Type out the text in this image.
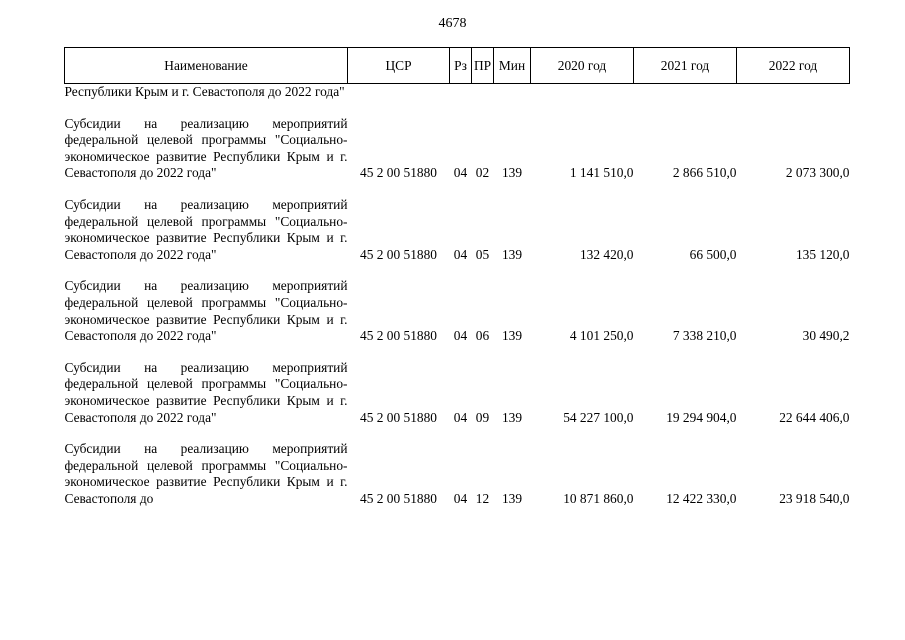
4678
Наименование	ЦСР	Рз	ПР	Мин	2020 год	2021 год	2022 год
Республики Крым и г. Севастополя до 2022 года"							

Субсидии на реализацию мероприятий федеральной целевой программы "Социально-экономическое развитие Республики Крым и г. Севастополя до 2022 года"	45 2 00 51880	04	02	139	1 141 510,0	2 866 510,0	2 073 300,0

Субсидии на реализацию мероприятий федеральной целевой программы "Социально-экономическое развитие Республики Крым и г. Севастополя до 2022 года"	45 2 00 51880	04	05	139	132 420,0	66 500,0	135 120,0

Субсидии на реализацию мероприятий федеральной целевой программы "Социально-экономическое развитие Республики Крым и г. Севастополя до 2022 года"	45 2 00 51880	04	06	139	4 101 250,0	7 338 210,0	30 490,2

Субсидии на реализацию мероприятий федеральной целевой программы "Социально-экономическое развитие Республики Крым и г. Севастополя до 2022 года"	45 2 00 51880	04	09	139	54 227 100,0	19 294 904,0	22 644 406,0

Субсидии на реализацию мероприятий федеральной целевой программы "Социально-экономическое развитие Республики Крым и г. Севастополя до	45 2 00 51880	04	12	139	10 871 860,0	12 422 330,0	23 918 540,0
